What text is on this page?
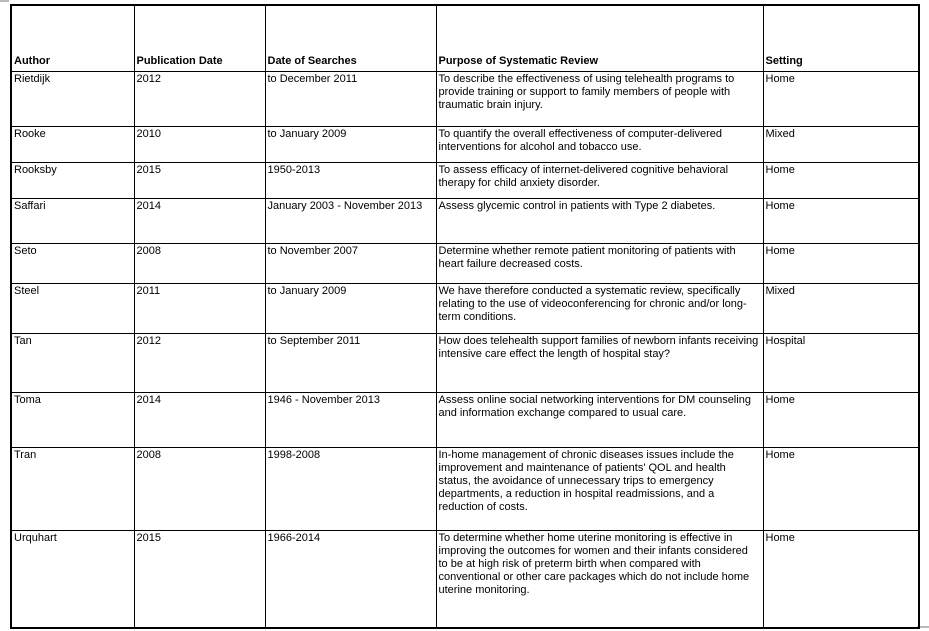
Author	Publication Date	Date of Searches	Purpose of Systematic Review	Setting
Rietdijk	2012	to December 2011	To describe the effectiveness of using telehealth programs to provide training or support to family members of people with traumatic brain injury.	Home
Rooke	2010	to January 2009	To quantify the overall effectiveness of computer-delivered interventions for alcohol and tobacco use.	Mixed
Rooksby	2015	1950-2013	To assess efficacy of internet-delivered cognitive behavioral therapy for child anxiety disorder.	Home
Saffari	2014	January 2003 - November 2013	Assess glycemic control in patients with Type 2 diabetes.	Home
Seto	2008	to November 2007	Determine whether remote patient monitoring of patients with heart failure decreased costs.	Home
Steel	2011	to January 2009	We have therefore conducted a systematic review, specifically relating to the use of videoconferencing for chronic and/or long-term conditions.	Mixed
Tan	2012	to September 2011	How does telehealth support families of newborn infants receiving intensive care effect the length of hospital stay?	Hospital
Toma	2014	1946 - November 2013	Assess online social networking interventions for DM counseling and information exchange compared to usual care.	Home
Tran	2008	1998-2008	In-home management of chronic diseases issues include the improvement and maintenance of patients' QOL and health status, the avoidance of unnecessary trips to emergency departments, a reduction in hospital readmissions, and a reduction of costs.	Home
Urquhart	2015	1966-2014	To determine whether home uterine monitoring is effective in improving the outcomes for women and their infants considered to be at high risk of preterm birth when compared with conventional or other care packages which do not include home uterine monitoring.	Home
